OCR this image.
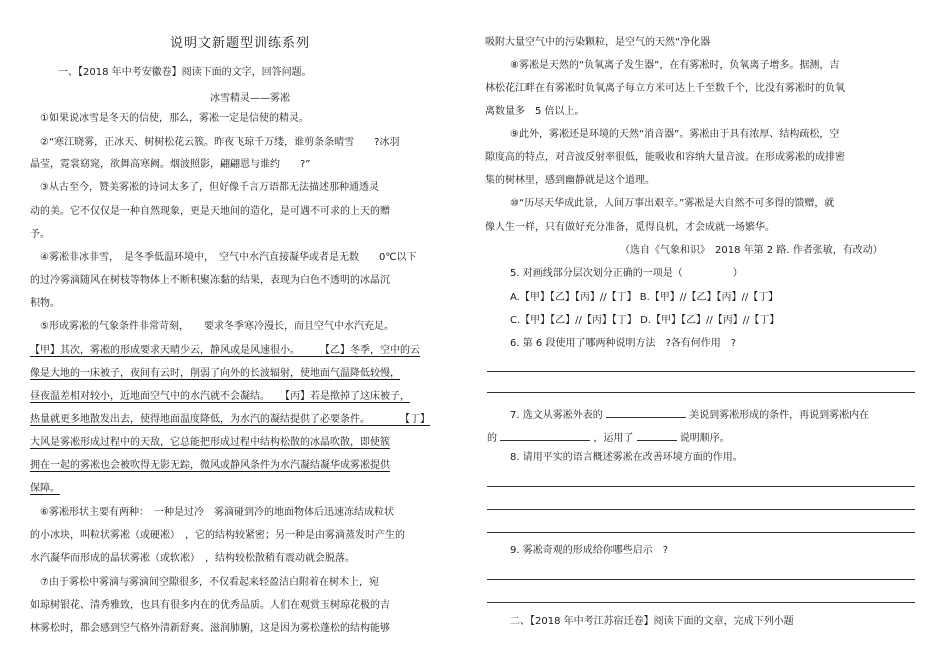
说明文新题型训练系列
一、【2018 年中考安徽卷】阅读下面的文字，回答问题。
冰雪精灵——雾凇
①如果说冰雪是冬天的信使，那么，雾凇一定是信使的精灵。
②“寒江晓雾，正冰天、树树松花云簇。昨夜飞琼千万缕，谁剪条条晴雪　　?冰羽
晶莹，霓裳窈窕，欲舞高寒阙。烟波照影，翩翩恩与谁约　　?”
③从古至今，赞美雾凇的诗词太多了，但好像千言万语都无法描述那种通透灵
动的美。它不仅仅是一种自然现象，更是天地间的造化，是可遇不可求的上天的赠
予。
④雾凇非冰非雪，　是冬季低温环境中，　空气中水汽直接凝华或者是无数　　0℃以下
的过冷雾滴随风在树枝等物体上不断积聚冻黏的结果，表现为白色不透明的冰晶沉
积物。
⑤形成雾凇的气象条件非常苛刻，　　要求冬季寒冷漫长，而且空气中水汽充足。
【甲】其次，雾凇的形成要求天晴少云，静风或是风速很小。　　　【乙】冬季，空中的云
像是大地的一床被子，夜间有云时，削弱了向外的长波辐射，使地面气温降低较慢，
昼夜温差相对较小，近地面空气中的水汽就不会凝结。　　【丙】若是揿掉了这床被子，
热量就更多地散发出去，使得地面温度降低，为水汽的凝结提供了必要条件。　　　　【丁】
大风是雾凇形成过程中的天敌，它总能把形成过程中结构松散的冰晶吹散，即使簇
拥在一起的雾凇也会被吹得无影无踪，微风或静风条件为水汽凝结凝华成雾凇提供
保障。
⑥雾凇形状主要有两种：　一种是过冷　雾滴碰到冷的地面物体后迅速冻结成粒状
的小冰块，叫粒状雾凇（或硬凇）　，它的结构较紧密；另一种是由雾滴蒸发时产生的
水汽凝华而形成的晶状雾凇（或软凇）　，结构较松散稍有震动就会脱落。
⑦由于雾松中雾滴与雾滴间空隙很多，不仅看起来轻盈洁白附着在树木上，宛
如琼树银花、清秀雅致，也具有很多内在的优秀品质。人们在观赏玉树琼花极的吉
林雾松时，都会感到空气格外清新舒爽、滋润肺腑，这是因为雾松蓬松的结构能够
吸附大量空气中的污染颗粒，是空气的天然“净化器
⑧雾凇是天然的“负氧离子发生器”，在有雾凇时，负氧离子增多。据测，吉
林松花江畔在有雾凇时负氧离子每立方米可达上千至数千个，比没有雾凇时的负氧
离数量多　5 倍以上。
⑨此外，雾凇还是环境的天然“消音器”。雾凇由于具有浓厚、结构疏松，空
隙度高的特点，对音波反射率很低，能吸收和容纳大量音波。在形成雾凇的成排密
集的树林里，感到幽静就是这个道理。
⑩“历尽天华成此景，人间万事出艰辛。”雾凇是大自然不可多得的馈赠，就
像人生一样，只有做好充分准备，觅得良机，才会成就一场繁华。
（选自《气象和识》　2018 年第 2 路. 作者张敏，有改动）
5. 对画线部分层次划分正确的一项是（　　　　　）
A.【甲】【乙】【丙】//【丁】 B.【甲】//【乙】【丙】//【丁】
C.【甲】【乙】//【丙】【丁】 D.【甲】【乙】//【丙】//【丁】
6. 第 6 段使用了哪两种说明方法　?各有何作用　?
7. 选文从雾凇外表的	美说到雾凇形成的条件，再说到雾凇内在
的	，运用了	说明顺序。
8. 请用平实的语言概述雾凇在改善环境方面的作用。
9. 雾凇奇观的形成给你哪些启示　?
二、【2018 年中考江苏宿迁卷】阅读下面的文章，完成下列小题
